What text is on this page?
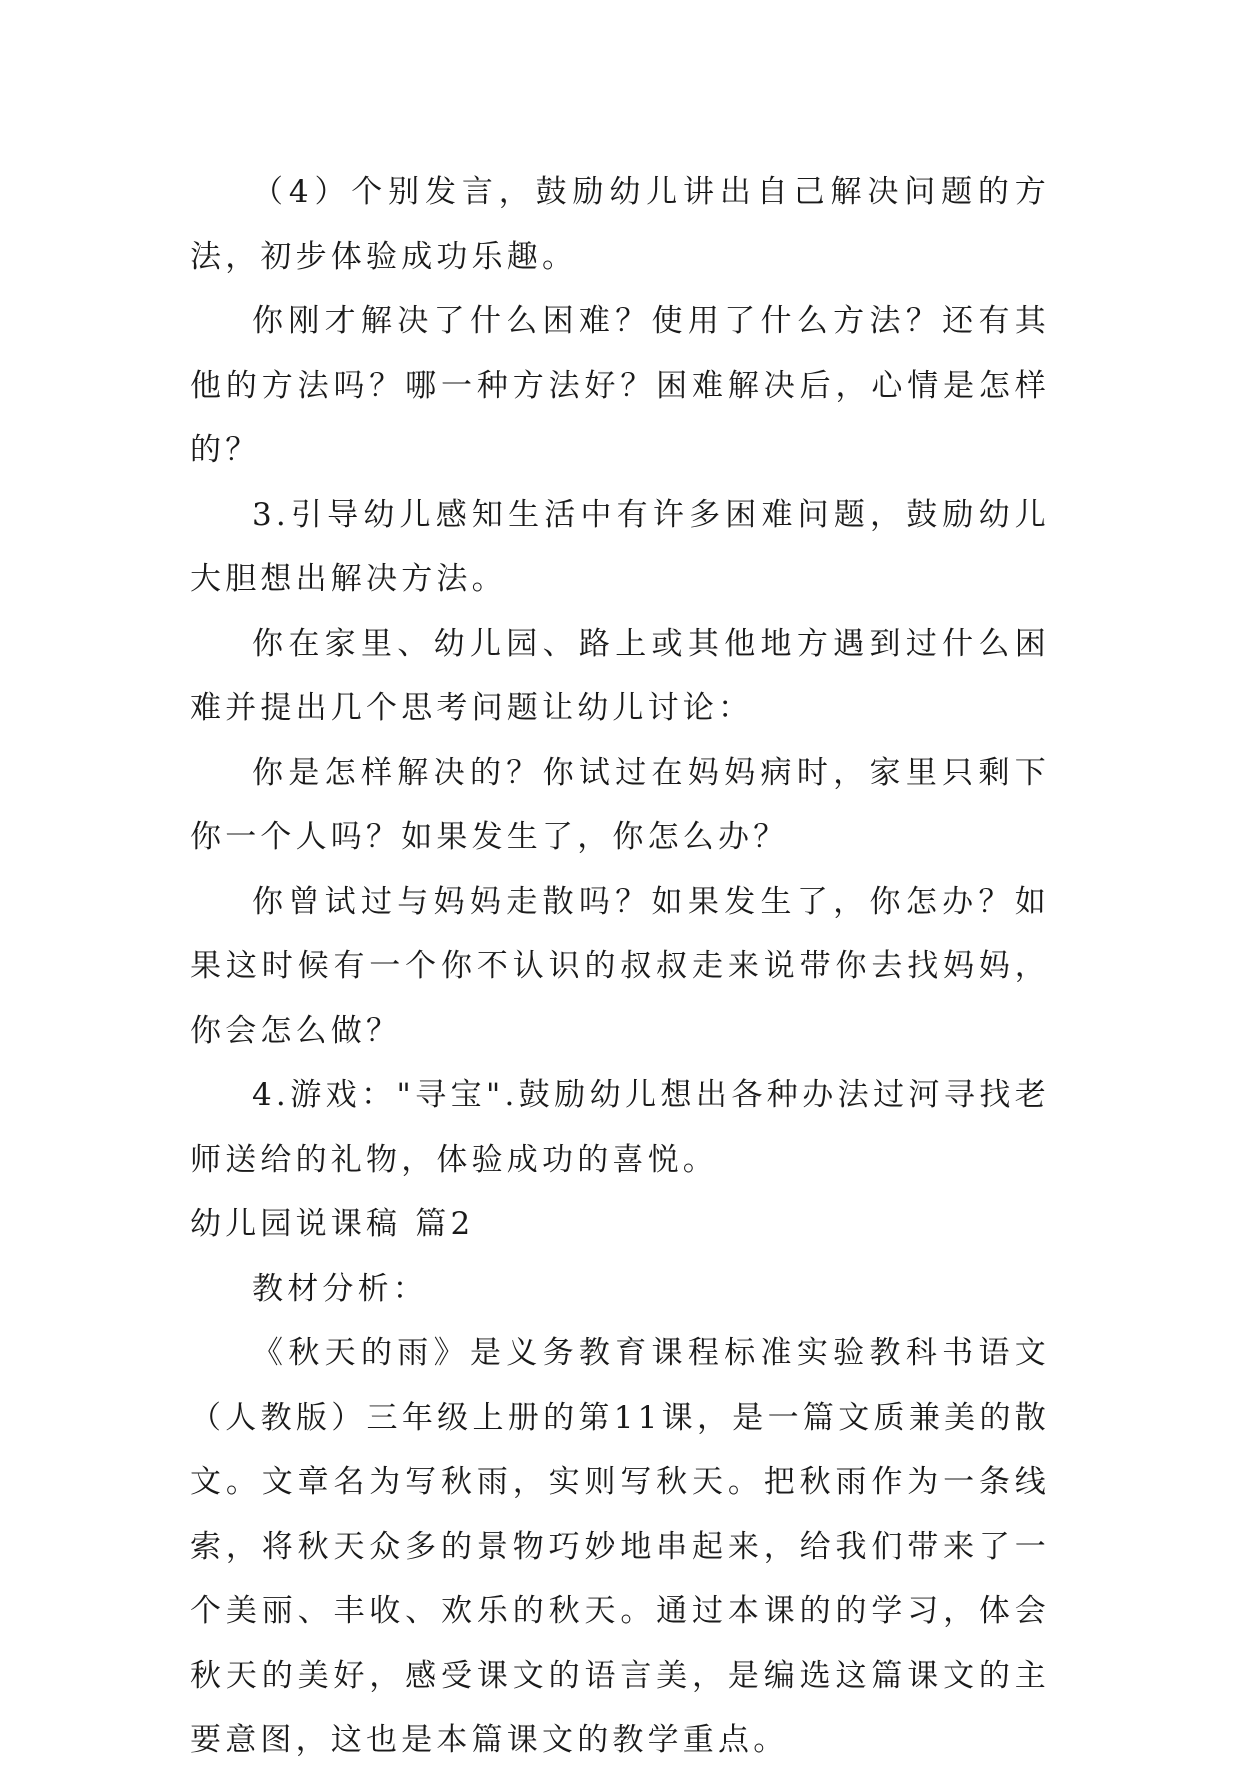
（4）个别发言，鼓励幼儿讲出自己解决问题的方法，初步体验成功乐趣。

你刚才解决了什么困难？使用了什么方法？还有其他的方法吗？哪一种方法好？困难解决后，心情是怎样的？

3.引导幼儿感知生活中有许多困难问题，鼓励幼儿大胆想出解决方法。

你在家里、幼儿园、路上或其他地方遇到过什么困难并提出几个思考问题让幼儿讨论：

你是怎样解决的？你试过在妈妈病时，家里只剩下你一个人吗？如果发生了，你怎么办？

你曾试过与妈妈走散吗？如果发生了，你怎办？如果这时候有一个你不认识的叔叔走来说带你去找妈妈，你会怎么做？

4.游戏："寻宝".鼓励幼儿想出各种办法过河寻找老师送给的礼物，体验成功的喜悦。

幼儿园说课稿 篇2

教材分析：

《秋天的雨》是义务教育课程标准实验教科书语文（人教版）三年级上册的第11课，是一篇文质兼美的散文。文章名为写秋雨，实则写秋天。把秋雨作为一条线索，将秋天众多的景物巧妙地串起来，给我们带来了一个美丽、丰收、欢乐的秋天。通过本课的的学习，体会秋天的美好，感受课文的语言美，是编选这篇课文的主要意图，这也是本篇课文的教学重点。
